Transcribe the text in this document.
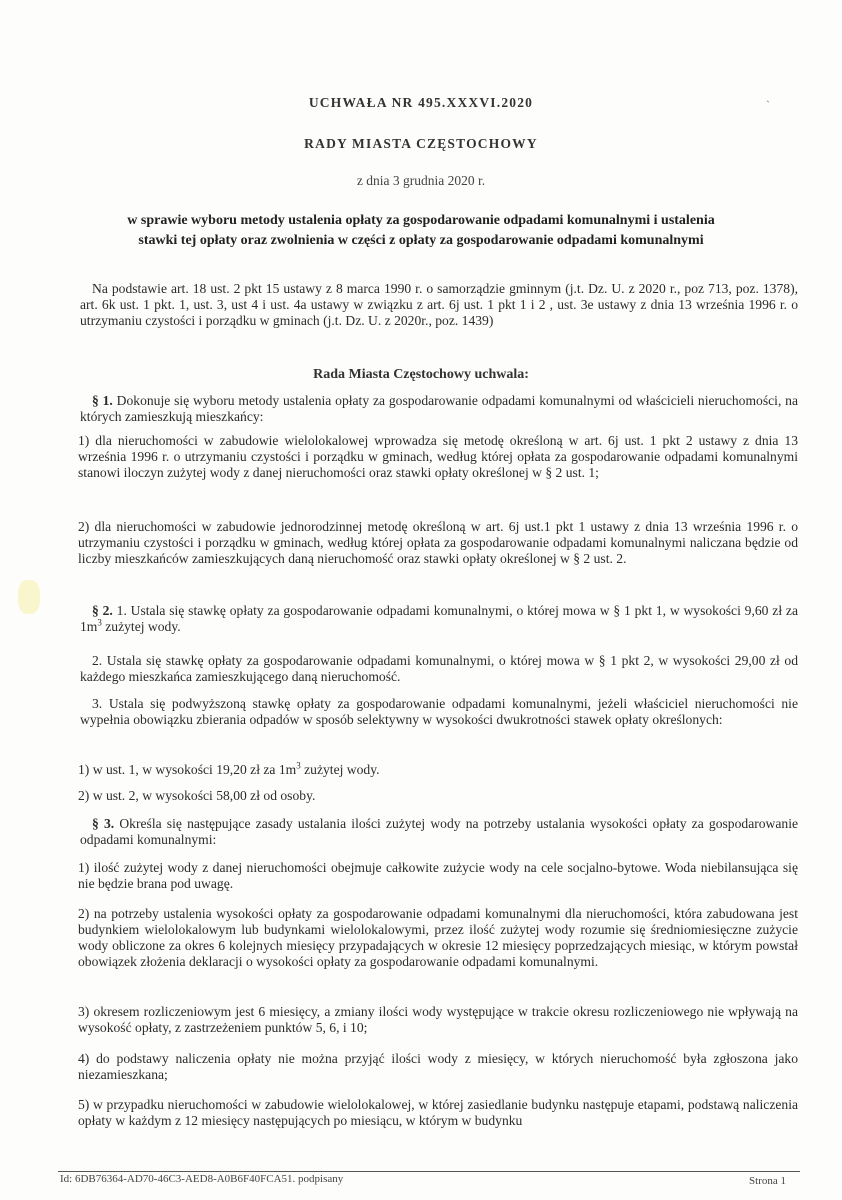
`
UCHWAŁA NR 495.XXXVI.2020
RADY MIASTA CZĘSTOCHOWY
z dnia 3 grudnia 2020 r.
w sprawie wyboru metody ustalenia opłaty za gospodarowanie odpadami komunalnymi i ustalenia
stawki tej opłaty oraz zwolnienia w części z opłaty za gospodarowanie odpadami komunalnymi
Na podstawie art. 18 ust. 2 pkt 15 ustawy z 8 marca 1990 r. o samorządzie gminnym (j.t. Dz. U. z 2020 r., poz 713, poz. 1378), art. 6k ust. 1 pkt. 1, ust. 3, ust 4 i ust. 4a ustawy w związku z art. 6j ust. 1 pkt 1 i 2 , ust. 3e ustawy z dnia 13 września 1996 r. o utrzymaniu czystości i porządku w gminach (j.t. Dz. U. z 2020r., poz. 1439)
Rada Miasta Częstochowy uchwala:
§ 1. Dokonuje się wyboru metody ustalenia opłaty za gospodarowanie odpadami komunalnymi od właścicieli nieruchomości, na których zamieszkują mieszkańcy:
1) dla nieruchomości w zabudowie wielolokalowej wprowadza się metodę określoną w art. 6j ust. 1 pkt 2 ustawy z dnia 13 września 1996 r. o utrzymaniu czystości i porządku w gminach, według której opłata za gospodarowanie odpadami komunalnymi stanowi iloczyn zużytej wody z danej nieruchomości oraz stawki opłaty określonej w § 2 ust. 1;
2) dla nieruchomości w zabudowie jednorodzinnej metodę określoną w art. 6j ust.1 pkt 1 ustawy z dnia 13 września 1996 r. o utrzymaniu czystości i porządku w gminach, według której opłata za gospodarowanie odpadami komunalnymi naliczana będzie od liczby mieszkańców zamieszkujących daną nieruchomość oraz stawki opłaty określonej w § 2 ust. 2.
§ 2. 1. Ustala się stawkę opłaty za gospodarowanie odpadami komunalnymi, o której mowa w § 1 pkt 1, w wysokości 9,60 zł za $1m^3$ zużytej wody.
2. Ustala się stawkę opłaty za gospodarowanie odpadami komunalnymi, o której mowa w § 1 pkt 2, w wysokości 29,00 zł od każdego mieszkańca zamieszkującego daną nieruchomość.
3. Ustala się podwyższoną stawkę opłaty za gospodarowanie odpadami komunalnymi, jeżeli właściciel nieruchomości nie wypełnia obowiązku zbierania odpadów w sposób selektywny w wysokości dwukrotności stawek opłaty określonych:
1) w ust. 1, w wysokości 19,20 zł za $1m^3$ zużytej wody.
2) w ust. 2, w wysokości 58,00 zł od osoby.
§ 3. Określa się następujące zasady ustalania ilości zużytej wody na potrzeby ustalania wysokości opłaty za gospodarowanie odpadami komunalnymi:
1) ilość zużytej wody z danej nieruchomości obejmuje całkowite zużycie wody na cele socjalno-bytowe. Woda niebilansująca się nie będzie brana pod uwagę.
2) na potrzeby ustalenia wysokości opłaty za gospodarowanie odpadami komunalnymi dla nieruchomości, która zabudowana jest budynkiem wielolokalowym lub budynkami wielolokalowymi, przez ilość zużytej wody rozumie się średniomiesięczne zużycie wody obliczone za okres 6 kolejnych miesięcy przypadających w okresie 12 miesięcy poprzedzających miesiąc, w którym powstał obowiązek złożenia deklaracji o wysokości opłaty za gospodarowanie odpadami komunalnymi.
3) okresem rozliczeniowym jest 6 miesięcy, a zmiany ilości wody występujące w trakcie okresu rozliczeniowego nie wpływają na wysokość opłaty, z zastrzeżeniem punktów 5, 6, i 10;
4) do podstawy naliczenia opłaty nie można przyjąć ilości wody z miesięcy, w których nieruchomość była zgłoszona jako niezamieszkana;
5) w przypadku nieruchomości w zabudowie wielolokalowej, w której zasiedlanie budynku następuje etapami, podstawą naliczenia opłaty w każdym z 12 miesięcy następujących po miesiącu, w którym w budynku
Id: 6DB76364-AD70-46C3-AED8-A0B6F40FCA51. podpisany	Strona 1
